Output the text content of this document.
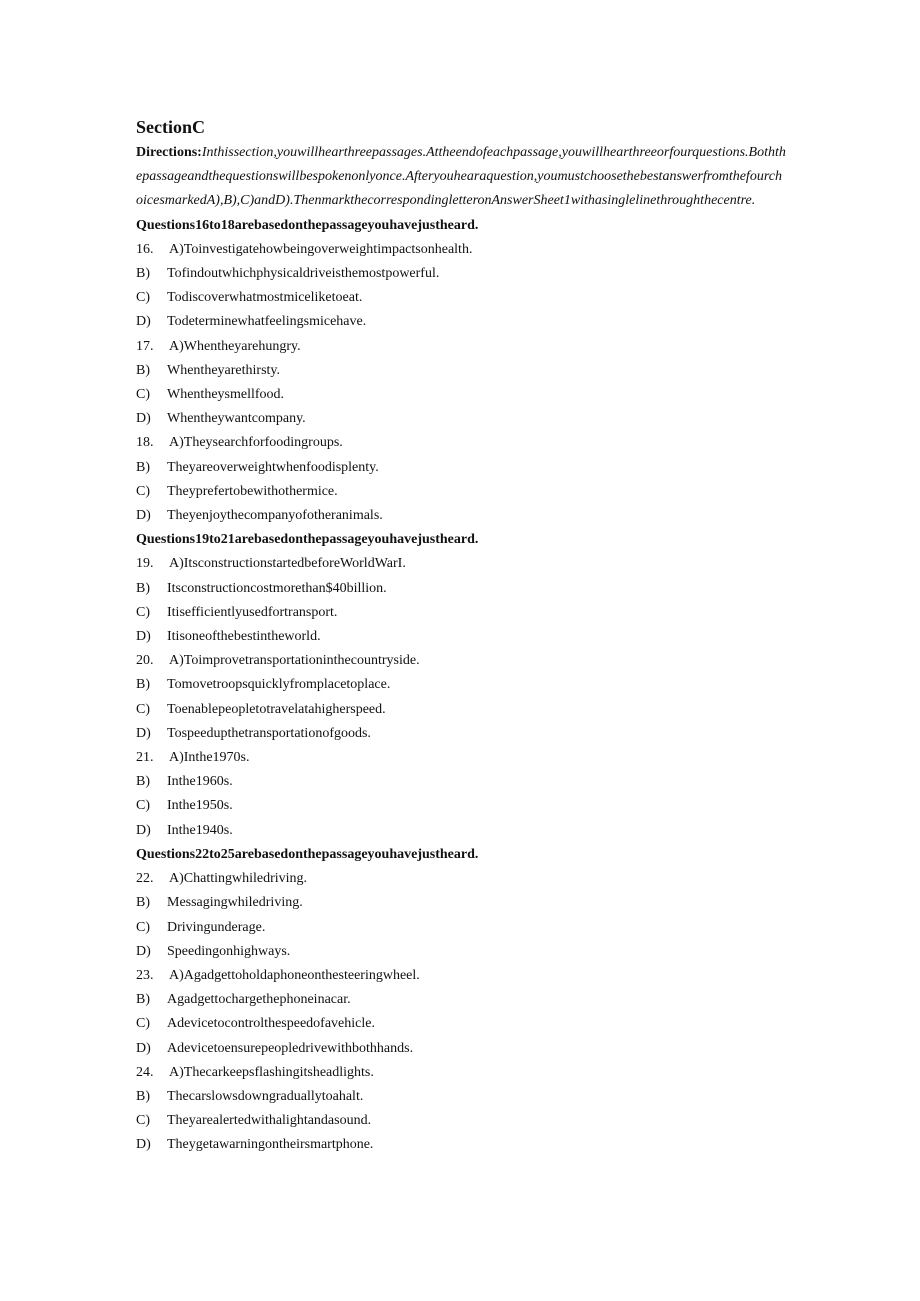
SectionC

Directions:Inthissection,youwillhearthreepassages.Attheendofeachpassage,youwillhearthreeorfourquestions.Boththepassageandthequestionswillbespokenonlyonce.Afteryouhearaquestion,youmustchoosethebestanswerfromthefourchoicesmarkedA),B),C)andD).ThenmarkthecorrespondingletteronAnswerSheet1withasinglelinethroughthecentre.

Questions16to18arebasedonthepassageyouhavejustheard.

16. A)Toinvestigatehowbeingoverweightimpactsonhealth.

B) Tofindoutwhichphysicaldriveisthemostpowerful.

C) Todiscoverwhatmostmiceliketoeat.

D) Todeterminewhatfeelingsmicehave.

17. A)Whentheyarehungry.

B) Whentheyarethirsty.

C) Whentheysmellfood.

D) Whentheywantcompany.

18. A)Theysearchforfoodingroups.

B) Theyareoverweightwhenfoodisplenty.

C) Theyprefertobewithothermice.

D) Theyenjoythecompanyofotheranimals.

Questions19to21arebasedonthepassageyouhavejustheard.

19. A)ItsconstructionstartedbeforeWorldWarI.

B) Itsconstructioncostmorethan$40billion.

C) Itisefficientlyusedfortransport.

D) Itisoneofthebestintheworld.

20. A)Toimprovetransportationinthecountryside.

B) Tomovetroopsquicklyfromplacetoplace.

C) Toenablepeopletotravelatahigherspeed.

D) Tospeedupthetransportationofgoods.

21. A)Inthe1970s.

B) Inthe1960s.

C) Inthe1950s.

D) Inthe1940s.

Questions22to25arebasedonthepassageyouhavejustheard.

22. A)Chattingwhiledriving.

B) Messagingwhiledriving.

C) Drivingunderage.

D) Speedingonhighways.

23. A)Agadgettoholdaphoneonthesteeringwheel.

B) Agadgettochargethephoneinacar.

C) Adevicetocontrolthespeedofavehicle.

D) Adevicetoensurepeopledrivewithbothhands.

24. A)Thecarkeepsflashingitsheadlights.

B) Thecarslowsdowngraduallytoahalt.

C) Theyarealertedwithalightandasound.

D) Theygetawarningontheirsmartphone.
